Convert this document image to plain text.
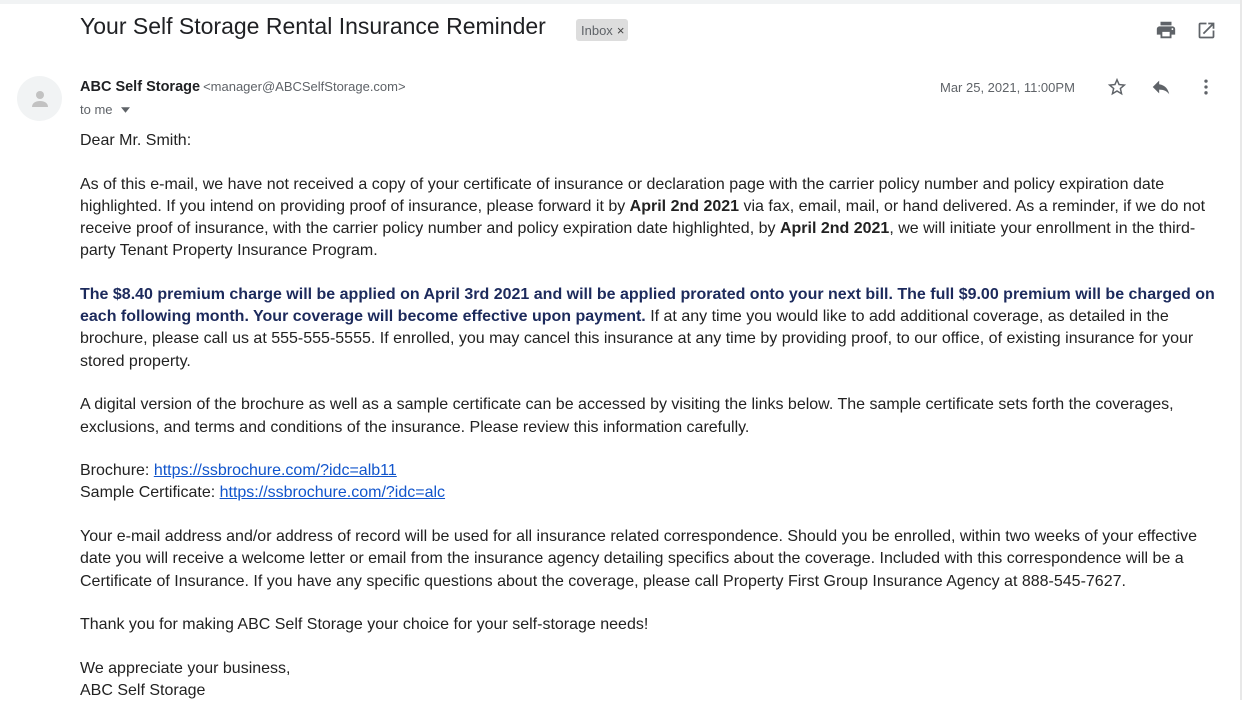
Your Self Storage Rental Insurance Reminder	Inbox ×
ABC Self Storage <manager@ABCSelfStorage.com>
to me
Mar 25, 2021, 11:00PM

Dear Mr. Smith:

As of this e-mail, we have not received a copy of your certificate of insurance or declaration page with the carrier policy number and policy expiration date highlighted. If you intend on providing proof of insurance, please forward it by April 2nd 2021 via fax, email, mail, or hand delivered. As a reminder, if we do not receive proof of insurance, with the carrier policy number and policy expiration date highlighted, by April 2nd 2021, we will initiate your enrollment in the third-party Tenant Property Insurance Program.

The $8.40 premium charge will be applied on April 3rd 2021 and will be applied prorated onto your next bill. The full $9.00 premium will be charged on each following month. Your coverage will become effective upon payment. If at any time you would like to add additional coverage, as detailed in the brochure, please call us at 555-555-5555. If enrolled, you may cancel this insurance at any time by providing proof, to our office, of existing insurance for your stored property.

A digital version of the brochure as well as a sample certificate can be accessed by visiting the links below. The sample certificate sets forth the coverages, exclusions, and terms and conditions of the insurance. Please review this information carefully.

Brochure: https://ssbrochure.com/?idc=alb11

Sample Certificate: https://ssbrochure.com/?idc=alc

Your e-mail address and/or address of record will be used for all insurance related correspondence. Should you be enrolled, within two weeks of your effective date you will receive a welcome letter or email from the insurance agency detailing specifics about the coverage. Included with this correspondence will be a Certificate of Insurance. If you have any specific questions about the coverage, please call Property First Group Insurance Agency at 888-545-7627.

Thank you for making ABC Self Storage your choice for your self-storage needs!

We appreciate your business,

ABC Self Storage
